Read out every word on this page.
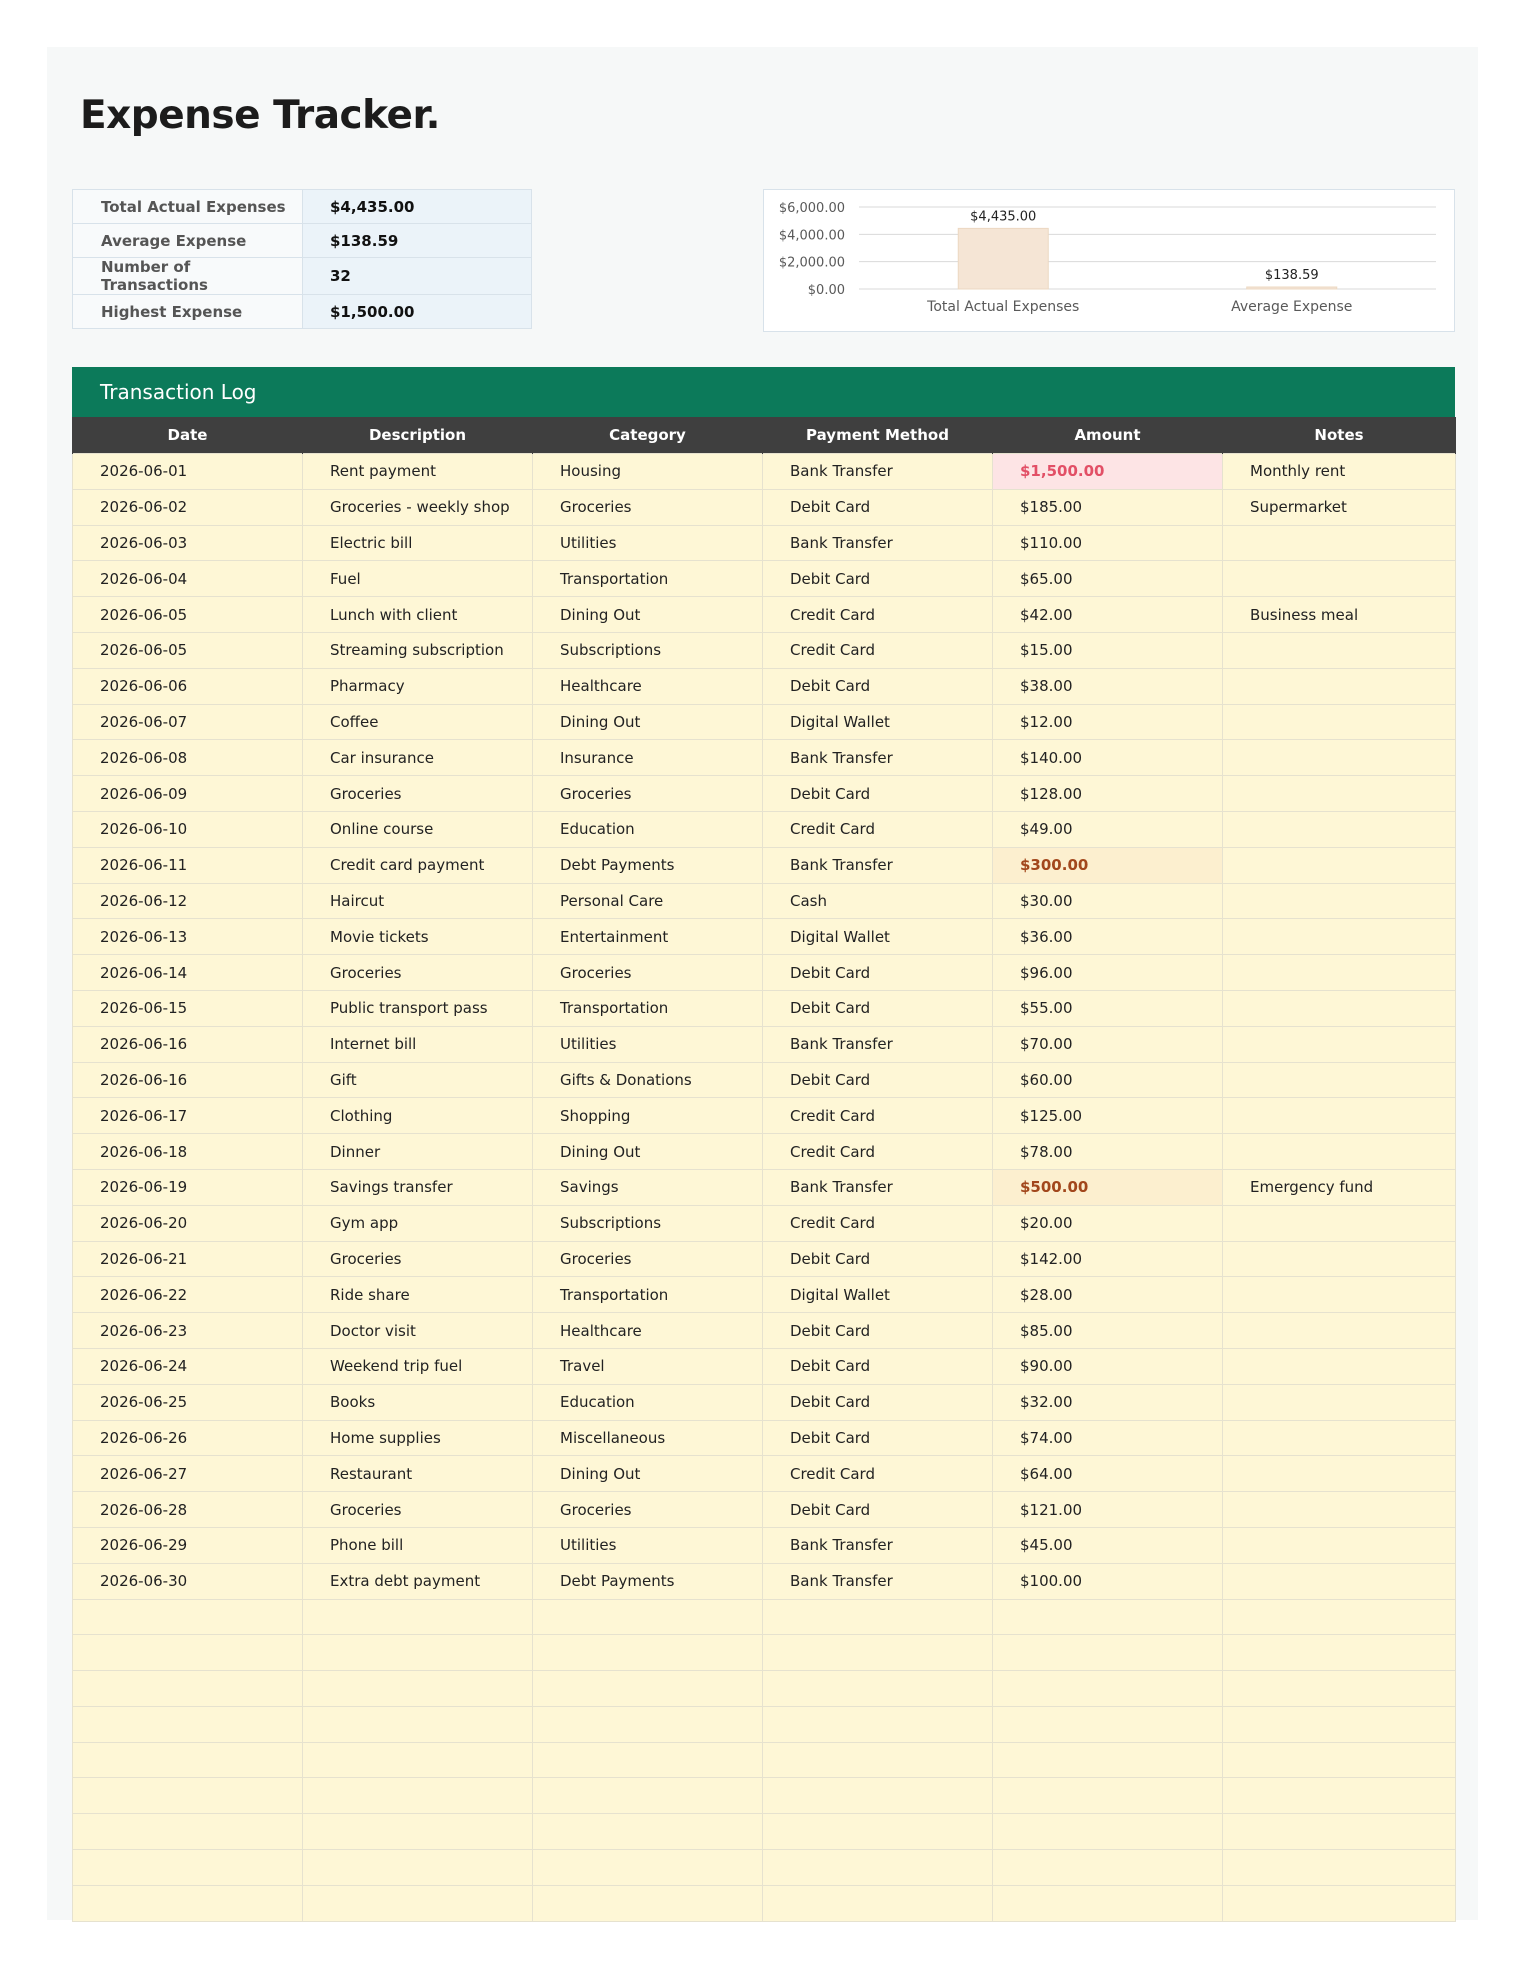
Expense Tracker.
Total Actual Expenses	$4,435.00
Average Expense	$138.59
Number of Transactions	32
Highest Expense	$1,500.00
$6,000.00
$4,000.00
$2,000.00
$0.00
$4,435.00
Total Actual Expenses
$138.59
Average Expense
Transaction Log
Date	Description	Category	Payment Method	Amount	Notes
2026-06-01	Rent payment	Housing	Bank Transfer	$1,500.00	Monthly rent
2026-06-02	Groceries - weekly shop	Groceries	Debit Card	$185.00	Supermarket
2026-06-03	Electric bill	Utilities	Bank Transfer	$110.00	
2026-06-04	Fuel	Transportation	Debit Card	$65.00	
2026-06-05	Lunch with client	Dining Out	Credit Card	$42.00	Business meal
2026-06-05	Streaming subscription	Subscriptions	Credit Card	$15.00	
2026-06-06	Pharmacy	Healthcare	Debit Card	$38.00	
2026-06-07	Coffee	Dining Out	Digital Wallet	$12.00	
2026-06-08	Car insurance	Insurance	Bank Transfer	$140.00	
2026-06-09	Groceries	Groceries	Debit Card	$128.00	
2026-06-10	Online course	Education	Credit Card	$49.00	
2026-06-11	Credit card payment	Debt Payments	Bank Transfer	$300.00	
2026-06-12	Haircut	Personal Care	Cash	$30.00	
2026-06-13	Movie tickets	Entertainment	Digital Wallet	$36.00	
2026-06-14	Groceries	Groceries	Debit Card	$96.00	
2026-06-15	Public transport pass	Transportation	Debit Card	$55.00	
2026-06-16	Internet bill	Utilities	Bank Transfer	$70.00	
2026-06-16	Gift	Gifts & Donations	Debit Card	$60.00	
2026-06-17	Clothing	Shopping	Credit Card	$125.00	
2026-06-18	Dinner	Dining Out	Credit Card	$78.00	
2026-06-19	Savings transfer	Savings	Bank Transfer	$500.00	Emergency fund
2026-06-20	Gym app	Subscriptions	Credit Card	$20.00	
2026-06-21	Groceries	Groceries	Debit Card	$142.00	
2026-06-22	Ride share	Transportation	Digital Wallet	$28.00	
2026-06-23	Doctor visit	Healthcare	Debit Card	$85.00	
2026-06-24	Weekend trip fuel	Travel	Debit Card	$90.00	
2026-06-25	Books	Education	Debit Card	$32.00	
2026-06-26	Home supplies	Miscellaneous	Debit Card	$74.00	
2026-06-27	Restaurant	Dining Out	Credit Card	$64.00	
2026-06-28	Groceries	Groceries	Debit Card	$121.00	
2026-06-29	Phone bill	Utilities	Bank Transfer	$45.00	
2026-06-30	Extra debt payment	Debt Payments	Bank Transfer	$100.00	
